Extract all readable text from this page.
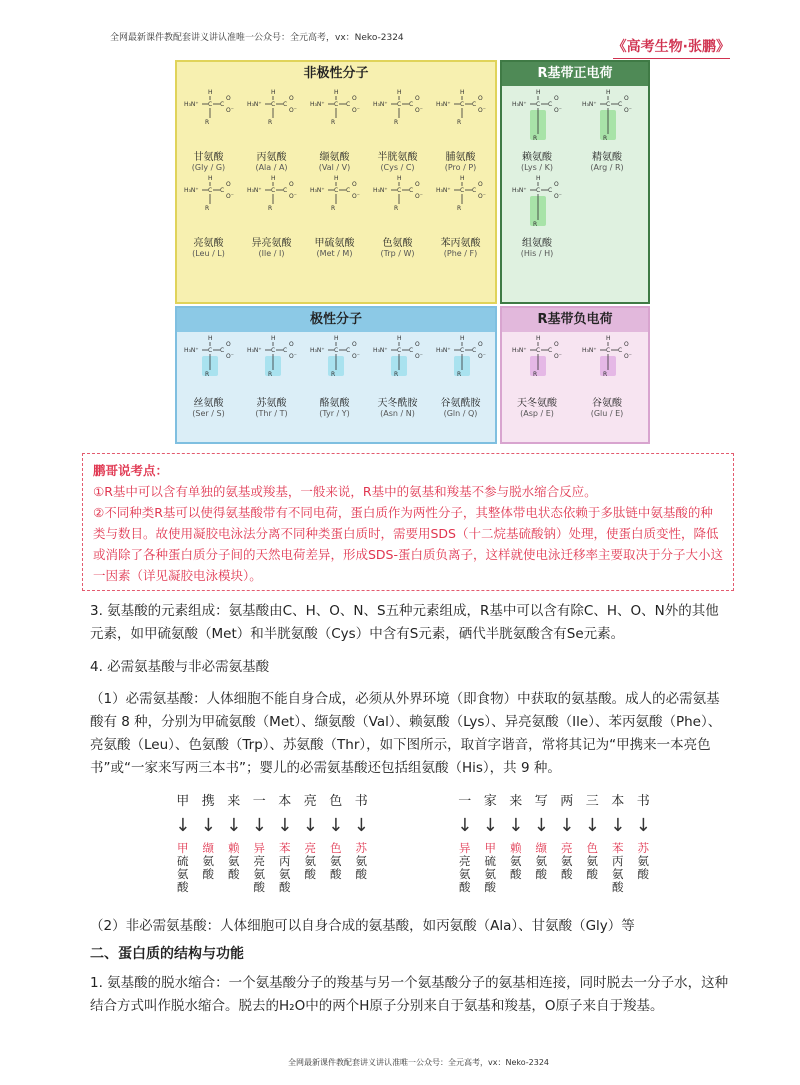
全网最新课件教配套讲义讲认准唯一公众号：全元高考，vx：Neko-2324
《高考生物·张鹏》
非极性分子
H₃N⁺ C
H
C
O
O⁻
R
甘氨酸
(Gly / G)
H₃N⁺ C
H
C
O
O⁻
R
丙氨酸
(Ala / A)
H₃N⁺ C
H
C
O
O⁻
R
缬氨酸
(Val / V)
H₃N⁺ C
H
C
O
O⁻
R
半胱氨酸
(Cys / C)
H₃N⁺ C
H
C
O
O⁻
R
脯氨酸
(Pro / P)
H₃N⁺ C
H
C
O
O⁻
R
亮氨酸
(Leu / L)
H₃N⁺ C
H
C
O
O⁻
R
异亮氨酸
(Ile / I)
H₃N⁺ C
H
C
O
O⁻
R
甲硫氨酸
(Met / M)
H₃N⁺ C
H
C
O
O⁻
R
色氨酸
(Trp / W)
H₃N⁺ C
H
C
O
O⁻
R
苯丙氨酸
(Phe / F)
R基带正电荷
H₃N⁺ C
H
C
O
O⁻
R
赖氨酸
(Lys / K)
H₃N⁺ C
H
C
O
O⁻
R
精氨酸
(Arg / R)
H₃N⁺ C
H
C
O
O⁻
R
组氨酸
(His / H)
极性分子
H₃N⁺ C
H
C
O
O⁻
R
丝氨酸
(Ser / S)
H₃N⁺ C
H
C
O
O⁻
R
苏氨酸
(Thr / T)
H₃N⁺ C
H
C
O
O⁻
R
酪氨酸
(Tyr / Y)
H₃N⁺ C
H
C
O
O⁻
R
天冬酰胺
(Asn / N)
H₃N⁺ C
H
C
O
O⁻
R
谷氨酰胺
(Gln / Q)
R基带负电荷
H₃N⁺ C
H
C
O
O⁻
R
天冬氨酸
(Asp / E)
H₃N⁺ C
H
C
O
O⁻
R
谷氨酸
(Glu / E)
鹏哥说考点：
①R基中可以含有单独的氨基或羧基，一般来说，R基中的氨基和羧基不参与脱水缩合反应。
②不同种类R基可以使得氨基酸带有不同电荷，蛋白质作为两性分子，其整体带电状态依赖于多肽链中氨基酸的种类与数目。故使用凝胶电泳法分离不同种类蛋白质时，需要用SDS（十二烷基硫酸钠）处理，使蛋白质变性，降低或消除了各种蛋白质分子间的天然电荷差异，形成SDS-蛋白质负离子，这样就使电泳迁移率主要取决于分子大小这一因素（详见凝胶电泳模块）。
3. 氨基酸的元素组成：氨基酸由C、H、O、N、S五种元素组成，R基中可以含有除C、H、O、N外的其他元素，如甲硫氨酸（Met）和半胱氨酸（Cys）中含有S元素，硒代半胱氨酸含有Se元素。
4. 必需氨基酸与非必需氨基酸
（1）必需氨基酸：人体细胞不能自身合成，必须从外界环境（即食物）中获取的氨基酸。成人的必需氨基酸有 8 种，分别为甲硫氨酸（Met）、缬氨酸（Val）、赖氨酸（Lys）、异亮氨酸（Ile）、苯丙氨酸（Phe）、亮氨酸（Leu）、色氨酸（Trp）、苏氨酸（Thr），如下图所示，取首字谐音，常将其记为“甲携来一本亮色书”或“一家来写两三本书”；婴儿的必需氨基酸还包括组氨酸（His），共 9 种。
甲
↓
甲
硫
氨
酸
携
↓
缬
氨
酸
来
↓
赖
氨
酸
一
↓
异
亮
氨
酸
本
↓
苯
丙
氨
酸
亮
↓
亮
氨
酸
色
↓
色
氨
酸
书
↓
苏
氨
酸
一
↓
异
亮
氨
酸
家
↓
甲
硫
氨
酸
来
↓
赖
氨
酸
写
↓
缬
氨
酸
两
↓
亮
氨
酸
三
↓
色
氨
酸
本
↓
苯
丙
氨
酸
书
↓
苏
氨
酸
（2）非必需氨基酸：人体细胞可以自身合成的氨基酸，如丙氨酸（Ala）、甘氨酸（Gly）等
二、蛋白质的结构与功能
1. 氨基酸的脱水缩合：一个氨基酸分子的羧基与另一个氨基酸分子的氨基相连接，同时脱去一分子水，这种结合方式叫作脱水缩合。脱去的H₂O中的两个H原子分别来自于氨基和羧基，O原子来自于羧基。
全网最新课件教配套讲义讲认准唯一公众号：全元高考，vx：Neko-2324
